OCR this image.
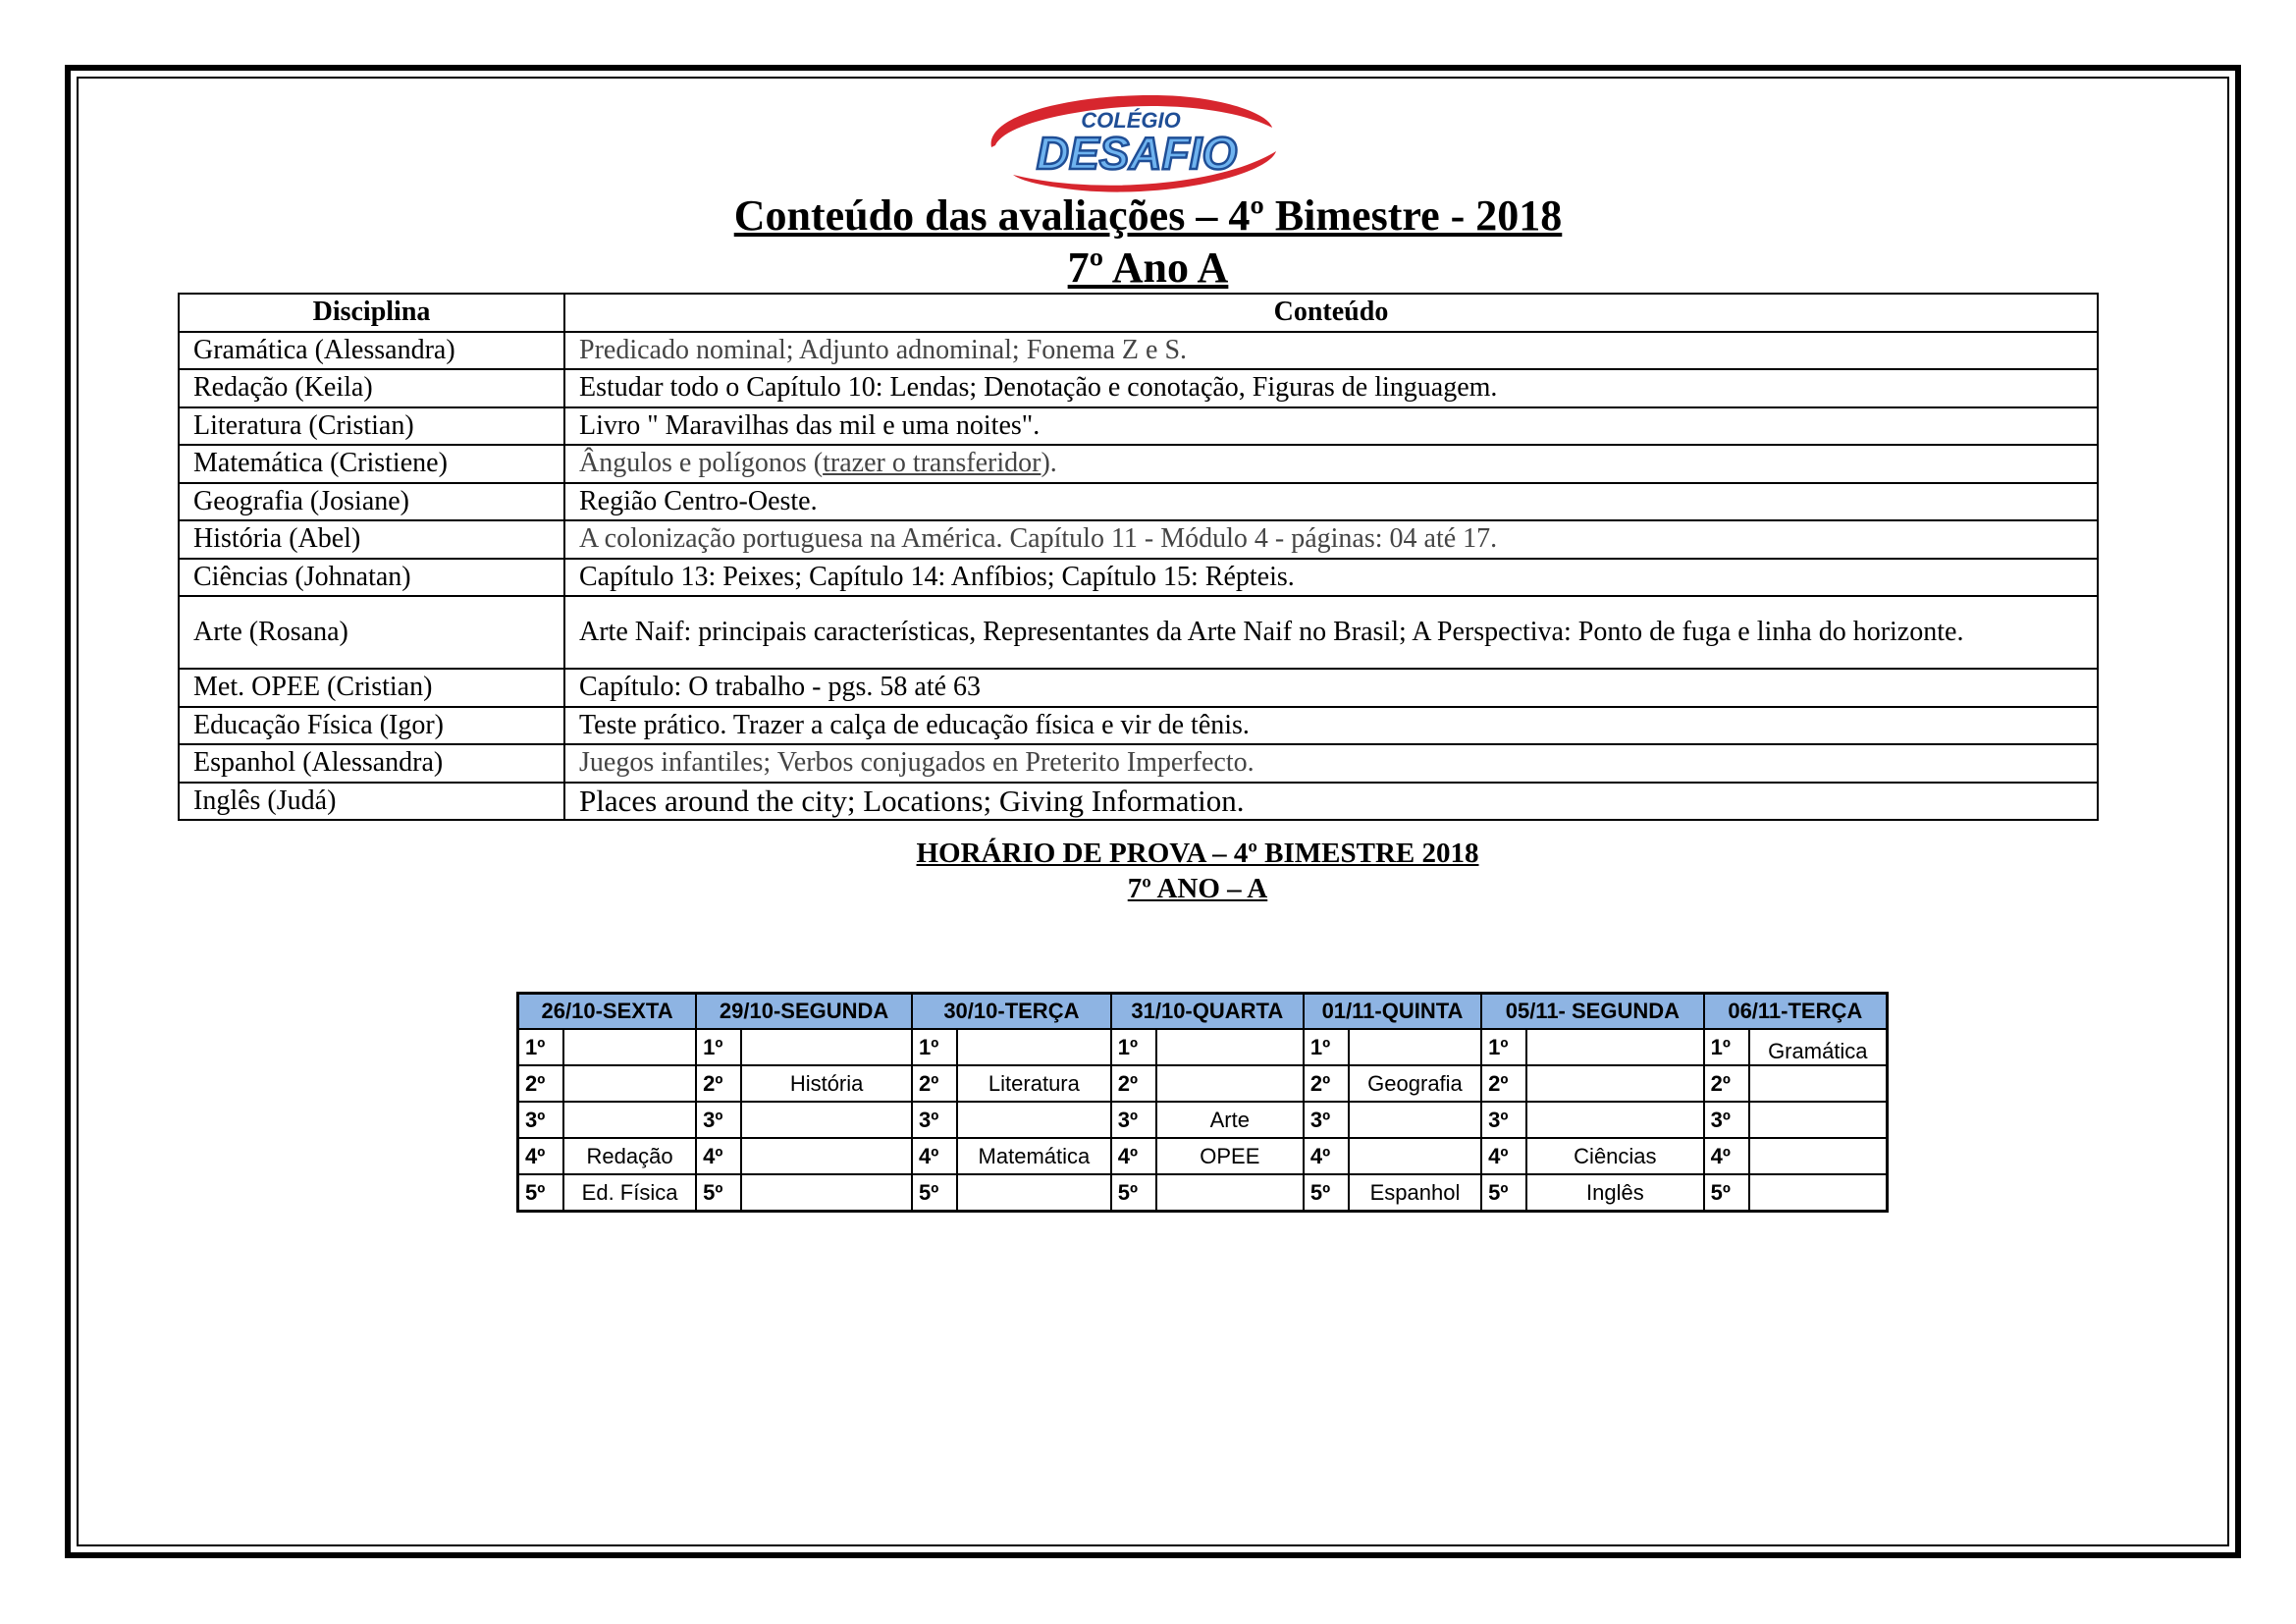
COLÉGIO
DESAFIO
Conteúdo das avaliações – 4º Bimestre - 2018
7º Ano A
Disciplina	Conteúdo
Gramática (Alessandra)	Predicado nominal; Adjunto adnominal; Fonema Z e S.
Redação (Keila)	Estudar todo o Capítulo 10: Lendas; Denotação e conotação, Figuras de linguagem.
Literatura (Cristian)	Livro " Maravilhas das mil e uma noites".
Matemática (Cristiene)	Ângulos e polígonos (trazer o transferidor).
Geografia (Josiane)	Região Centro-Oeste.
História (Abel)	A colonização portuguesa na América. Capítulo 11 - Módulo 4 - páginas: 04 até 17.
Ciências (Johnatan)	Capítulo 13: Peixes; Capítulo 14: Anfíbios; Capítulo 15: Répteis.
Arte (Rosana)	Arte Naif: principais características, Representantes da Arte Naif no Brasil; A Perspectiva: Ponto de fuga e linha do horizonte.
Met. OPEE (Cristian)	Capítulo: O trabalho - pgs. 58 até 63
Educação Física (Igor)	Teste prático. Trazer a calça de educação física e vir de tênis.
Espanhol (Alessandra)	Juegos infantiles; Verbos conjugados en Preterito Imperfecto.
Inglês (Judá)	Places around the city; Locations; Giving Information.
HORÁRIO DE PROVA – 4º BIMESTRE 2018
7º ANO – A
26/10-SEXTA		29/10-SEGUNDA		30/10-TERÇA		31/10-QUARTA		01/11-QUINTA		05/11- SEGUNDA		06/11-TERÇA	
1º		1º		1º		1º		1º		1º		1º	Gramática
2º		2º	História	2º	Literatura	2º		2º	Geografia	2º		2º	
3º		3º		3º		3º	Arte	3º		3º		3º	
4º	Redação	4º		4º	Matemática	4º	OPEE	4º		4º	Ciências	4º	
5º	Ed. Física	5º		5º		5º		5º	Espanhol	5º	Inglês	5º	
